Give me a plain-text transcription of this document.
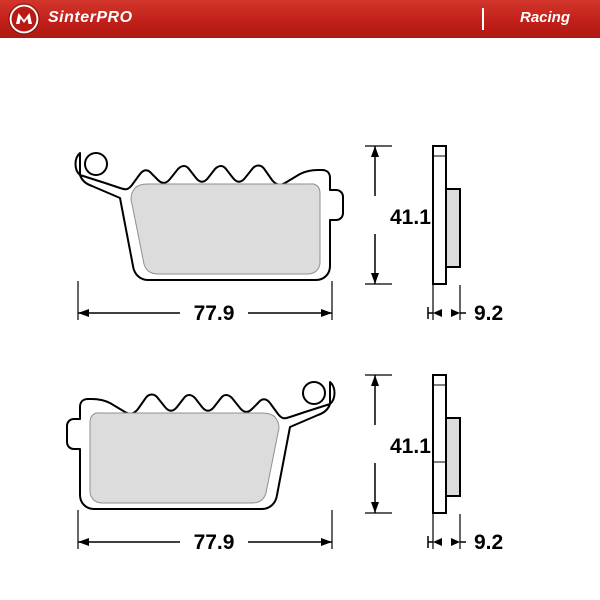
SinterPRO	Racing
77.9
41.1
9.2
77.9
41.1
9.2
